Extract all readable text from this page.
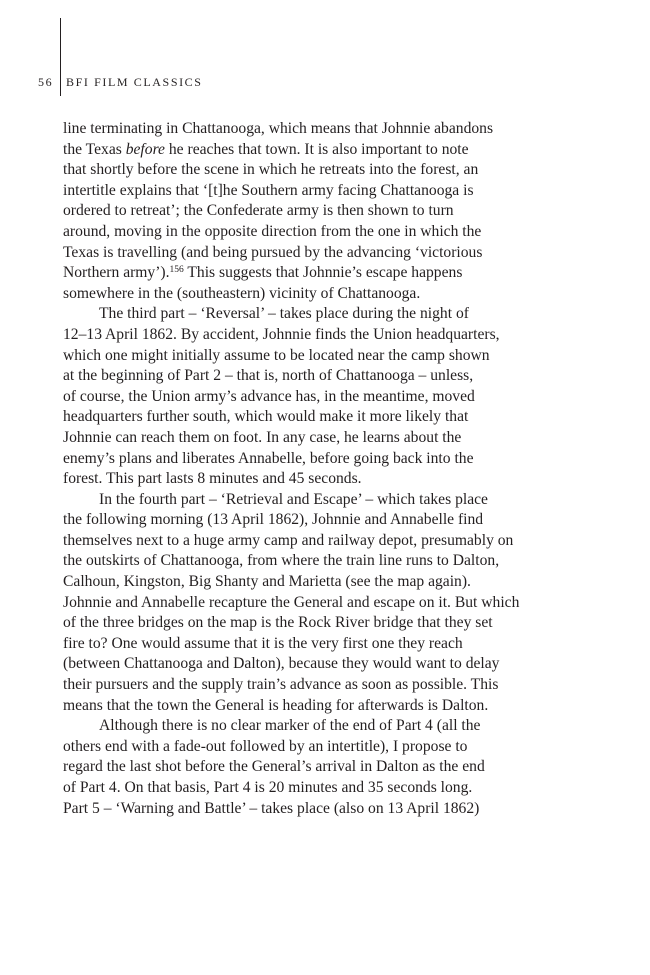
56 BFI FILM CLASSICS
line terminating in Chattanooga, which means that Johnnie abandons
the Texas before he reaches that town. It is also important to note
that shortly before the scene in which he retreats into the forest, an
intertitle explains that ‘[t]he Southern army facing Chattanooga is
ordered to retreat’; the Confederate army is then shown to turn
around, moving in the opposite direction from the one in which the
Texas is travelling (and being pursued by the advancing ‘victorious
Northern army’).$^{156}$ This suggests that Johnnie’s escape happens
somewhere in the (southeastern) vicinity of Chattanooga.
The third part – ‘Reversal’ – takes place during the night of
12–13 April 1862. By accident, Johnnie finds the Union headquarters,
which one might initially assume to be located near the camp shown
at the beginning of Part 2 – that is, north of Chattanooga – unless,
of course, the Union army’s advance has, in the meantime, moved
headquarters further south, which would make it more likely that
Johnnie can reach them on foot. In any case, he learns about the
enemy’s plans and liberates Annabelle, before going back into the
forest. This part lasts 8 minutes and 45 seconds.
In the fourth part – ‘Retrieval and Escape’ – which takes place
the following morning (13 April 1862), Johnnie and Annabelle find
themselves next to a huge army camp and railway depot, presumably on
the outskirts of Chattanooga, from where the train line runs to Dalton,
Calhoun, Kingston, Big Shanty and Marietta (see the map again).
Johnnie and Annabelle recapture the General and escape on it. But which
of the three bridges on the map is the Rock River bridge that they set
fire to? One would assume that it is the very first one they reach
(between Chattanooga and Dalton), because they would want to delay
their pursuers and the supply train’s advance as soon as possible. This
means that the town the General is heading for afterwards is Dalton.
Although there is no clear marker of the end of Part 4 (all the
others end with a fade-out followed by an intertitle), I propose to
regard the last shot before the General’s arrival in Dalton as the end
of Part 4. On that basis, Part 4 is 20 minutes and 35 seconds long.
Part 5 – ‘Warning and Battle’ – takes place (also on 13 April 1862)
